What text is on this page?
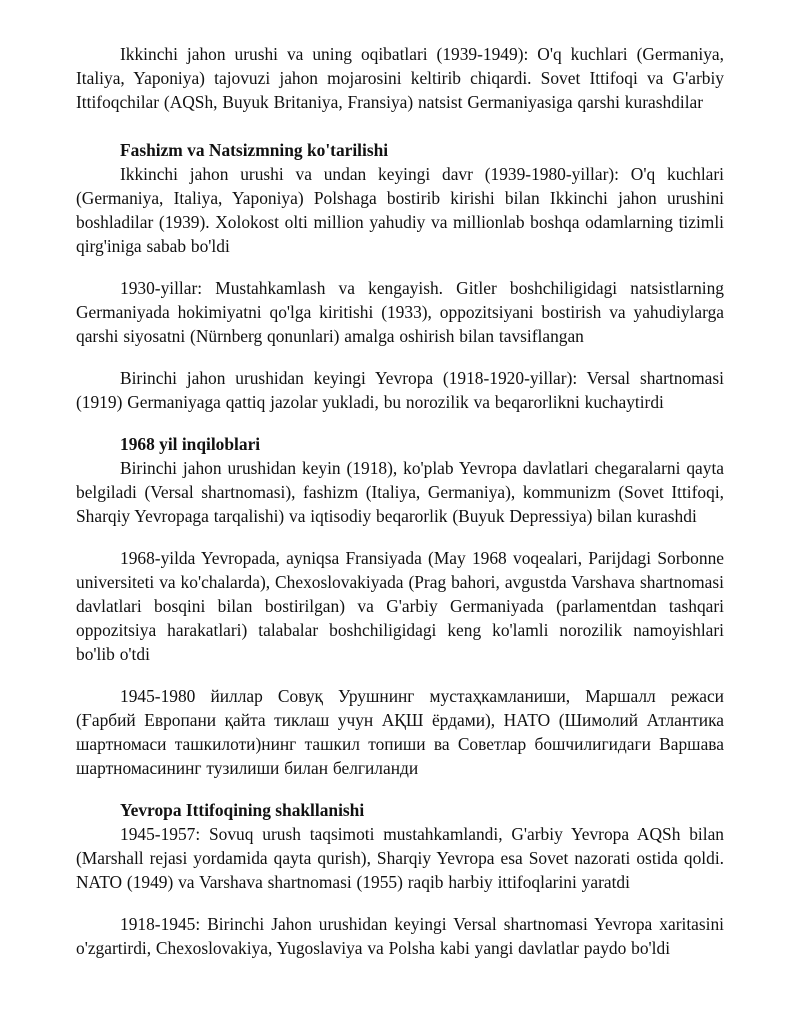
Ikkinchi jahon urushi va uning oqibatlari (1939-1949): O'q kuchlari (Germaniya, Italiya, Yaponiya) tajovuzi jahon mojarosini keltirib chiqardi. Sovet Ittifoqi va G'arbiy Ittifoqchilar (AQSh, Buyuk Britaniya, Fransiya) natsist Germaniyasiga qarshi kurashdilar

Fashizm va Natsizmning ko'tarilishi

Ikkinchi jahon urushi va undan keyingi davr (1939-1980-yillar): O'q kuchlari (Germaniya, Italiya, Yaponiya) Polshaga bostirib kirishi bilan Ikkinchi jahon urushini boshladilar (1939). Xolokost olti million yahudiy va millionlab boshqa odamlarning tizimli qirg'iniga sabab bo'ldi

1930-yillar: Mustahkamlash va kengayish. Gitler boshchiligidagi natsistlarning Germaniyada hokimiyatni qo'lga kiritishi (1933), oppozitsiyani bostirish va yahudiylarga qarshi siyosatni (Nürnberg qonunlari) amalga oshirish bilan tavsiflangan

Birinchi jahon urushidan keyingi Yevropa (1918-1920-yillar): Versal shartnomasi (1919) Germaniyaga qattiq jazolar yukladi, bu norozilik va beqarorlikni kuchaytirdi

1968 yil inqiloblari

Birinchi jahon urushidan keyin (1918), ko'plab Yevropa davlatlari chegaralarni qayta belgiladi (Versal shartnomasi), fashizm (Italiya, Germaniya), kommunizm (Sovet Ittifoqi, Sharqiy Yevropaga tarqalishi) va iqtisodiy beqarorlik (Buyuk Depressiya) bilan kurashdi

1968-yilda Yevropada, ayniqsa Fransiyada (May 1968 voqealari, Parijdagi Sorbonne universiteti va ko'chalarda), Chexoslovakiyada (Prag bahori, avgustda Varshava shartnomasi davlatlari bosqini bilan bostirilgan) va G'arbiy Germaniyada (parlamentdan tashqari oppozitsiya harakatlari) talabalar boshchiligidagi keng ko'lamli norozilik namoyishlari bo'lib o'tdi

1945-1980 йиллар Совуқ Урушнинг мустаҳкамланиши, Маршалл режаси (Ғарбий Европани қайта тиклаш учун АҚШ ёрдами), НАТО (Шимолий Атлантика шартномаси ташкилоти)нинг ташкил топиши ва Советлар бошчилигидаги Варшава шартномасининг тузилиши билан белгиланди

Yevropa Ittifoqining shakllanishi

1945-1957: Sovuq urush taqsimoti mustahkamlandi, G'arbiy Yevropa AQSh bilan (Marshall rejasi yordamida qayta qurish), Sharqiy Yevropa esa Sovet nazorati ostida qoldi. NATO (1949) va Varshava shartnomasi (1955) raqib harbiy ittifoqlarini yaratdi

1918-1945: Birinchi Jahon urushidan keyingi Versal shartnomasi Yevropa xaritasini o'zgartirdi, Chexoslovakiya, Yugoslaviya va Polsha kabi yangi davlatlar paydo bo'ldi
